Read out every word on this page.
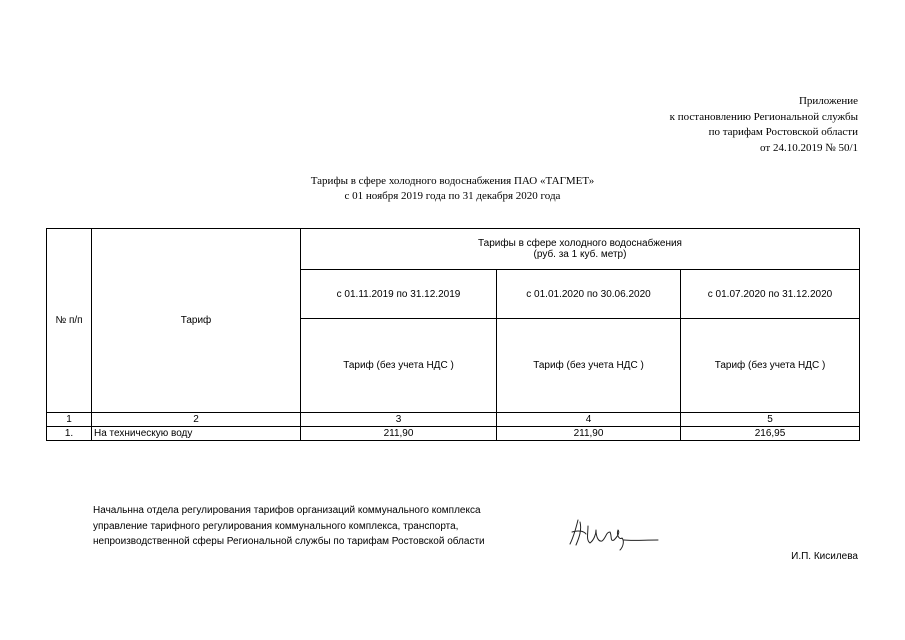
Приложение
к постановлению Региональной службы
по тарифам Ростовской области
от 24.10.2019 № 50/1
Тарифы в сфере холодного водоснабжения ПАО «ТАГМЕТ»
с 01 ноября 2019 года по 31 декабря 2020 года
№ п/п	Тариф	Тарифы в сфере холодного водоснабжения
(руб. за 1 куб. метр)		

		с 01.11.2019 по 31.12.2019	с 01.01.2020 по 30.06.2020	с 01.07.2020 по 31.12.2020
		Тариф (без учета НДС )	Тариф (без учета НДС )	Тариф (без учета НДС )
1	2	3	4	5
1.	На техническую воду	211,90	211,90	216,95
Начальнна отдела регулирования тарифов организаций коммунального комплекса управление тарифного регулирования коммунального комплекса, транспорта, непроизводственной сферы Региональной службы по тарифам Ростовской области
И.П. Кисилева
